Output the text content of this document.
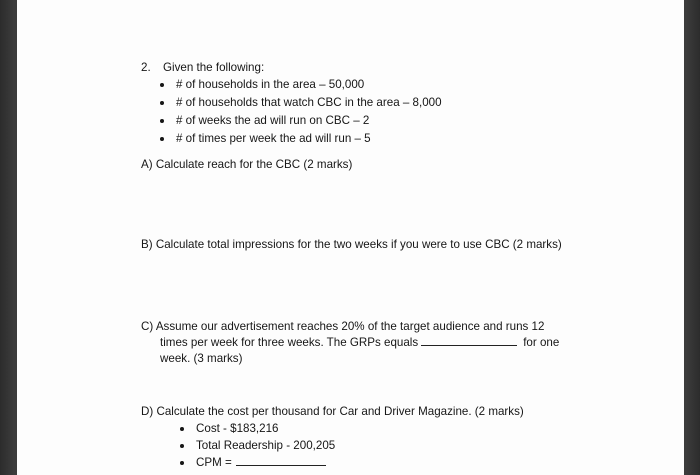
2. Given the following:
# of households in the area – 50,000
# of households that watch CBC in the area – 8,000
# of weeks the ad will run on CBC – 2
# of times per week the ad will run – 5
A) Calculate reach for the CBC (2 marks)
B) Calculate total impressions for the two weeks if you were to use CBC (2 marks)
C) Assume our advertisement reaches 20% of the target audience and runs 12
times per week for three weeks. The GRPs equals	for one
week. (3 marks)
D) Calculate the cost per thousand for Car and Driver Magazine. (2 marks)
Cost - $183,216
Total Readership - 200,205
CPM =
